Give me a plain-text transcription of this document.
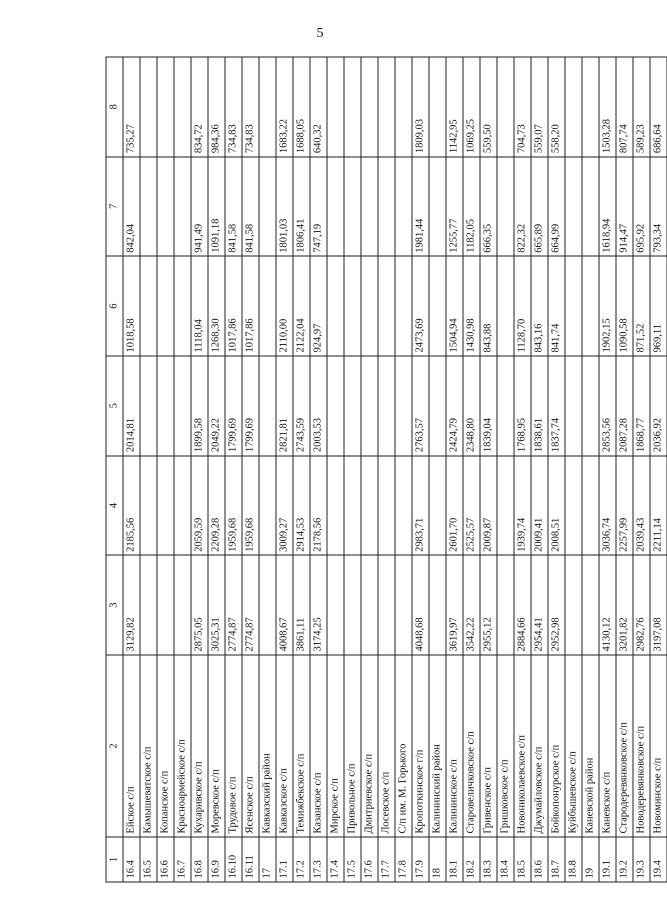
5
1	2	3	4	5	6	7	8
16.4	Ейское с/п	3129,82	2185,56	2014,81	1018,58	842,04	735,27
16.5	Камышеватское с/п						
16.6	Копанское с/п						
16.7	Красноармейское с/п						
16.8	Кухаривское с/п	2875,05	2059,59	1899,58	1118,04	941,49	834,72
16.9	Моревское с/п	3025,31	2209,28	2049,22	1268,30	1091,18	984,36
16.10	Трудовое с/п	2774,87	1959,68	1799,69	1017,86	841,58	734,83
16.11	Ясенское с/п	2774,87	1959,68	1799,69	1017,86	841,58	734,83
17	Кавказский район						
17.1	Кавказское с/п	4008,67	3009,27	2821,81	2110,00	1801,03	1683,22
17.2	Темижбекское с/п	3861,11	2914,53	2743,59	2122,04	1806,41	1688,05
17.3	Казанское с/п	3174,25	2178,56	2003,53	924,97	747,19	640,32
17.4	Мирское с/п						
17.5	Привольное с/п						
17.6	Дмитриевское с/п						
17.7	Лосевское с/п						
17.8	С/п им. М. Горького						
17.9	Кропоткинское г/п	4048,68	2983,71	2763,57	2473,69	1981,44	1809,03
18	Калининский район						
18.1	Калининское с/п	3619,97	2601,70	2424,79	1504,94	1255,77	1142,95
18.2	Старовеличковское с/п	3542,22	2525,57	2348,80	1430,98	1182,05	1069,25
18.3	Гривенское с/п	2955,12	2009,87	1839,04	843,88	666,35	559,50
18.4	Гришковское с/п						
18.5	Новониколаевское с/п	2884,66	1939,74	1768,95	1128,70	822,32	704,73
18.6	Джумайловское с/п	2954,41	2009,41	1838,61	843,16	665,89	559,07
18.7	Бойкопонурское с/п	2952,98	2008,51	1837,74	841,74	664,99	558,20
18.8	Куйбышевское с/п						
19	Каневской район						
19.1	Каневское с/п	4130,12	3036,74	2853,56	1902,15	1618,94	1503,28
19.2	Стародеревянковское с/п	3201,82	2257,99	2087,28	1090,58	914,47	807,74
19.3	Новодеревянковское с/п	2982,76	2039,43	1868,77	871,52	695,92	589,23
19.4	Новоминское с/п	3197,08	2211,14	2036,92	969,11	793,34	686,64
